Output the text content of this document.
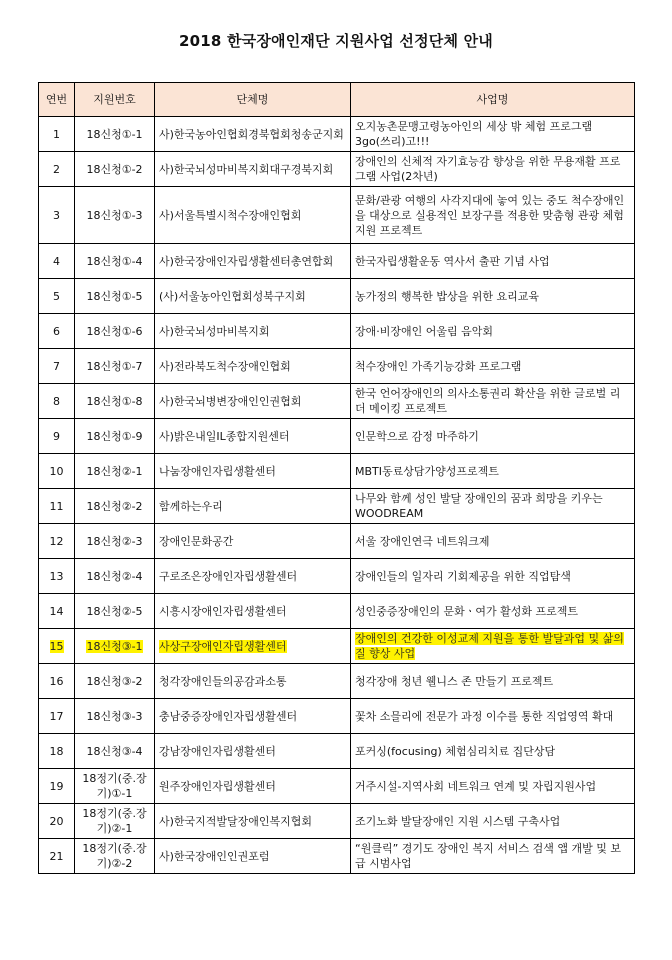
2018 한국장애인재단 지원사업 선정단체 안내
연번	지원번호	단체명	사업명
1	18신청①-1	사)한국농아인협회경북협회청송군지회	오지농촌문맹고령농아인의 세상 밖 체험 프로그램 3go(쓰리)고!!!
2	18신청①-2	사)한국뇌성마비복지회대구경북지회	장애인의 신체적 자기효능감 향상을 위한 무용재활 프로그램 사업(2차년)
3	18신청①-3	사)서울특별시척수장애인협회	문화/관광 여행의 사각지대에 놓여 있는 중도 척수장애인을 대상으로 실용적인 보장구를 적용한 맞춤형 관광 체험 지원 프로젝트
4	18신청①-4	사)한국장애인자립생활센터총연합회	한국자립생활운동 역사서 출판 기념 사업
5	18신청①-5	(사)서울농아인협회성북구지회	농가정의 행복한 밥상을 위한 요리교육
6	18신청①-6	사)한국뇌성마비복지회	장애·비장애인 어울림 음악회
7	18신청①-7	사)전라북도척수장애인협회	척수장애인 가족기능강화 프로그램
8	18신청①-8	사)한국뇌병변장애인인권협회	한국 언어장애인의 의사소통권리 확산을 위한 글로벌 리더 메이킹 프로젝트
9	18신청①-9	사)밝은내일IL종합지원센터	인문학으로 감정 마주하기
10	18신청②-1	나눔장애인자립생활센터	MBTI동료상담가양성프로젝트
11	18신청②-2	함께하는우리	나무와 함께 성인 발달 장애인의 꿈과 희망을 키우는 WOODREAM
12	18신청②-3	장애인문화공간	서울 장애인연극 네트워크제
13	18신청②-4	구로조은장애인자립생활센터	장애인들의 일자리 기회제공을 위한 직업탐색
14	18신청②-5	시흥시장애인자립생활센터	성인중증장애인의 문화ㆍ여가 활성화 프로젝트
15	18신청③-1	사상구장애인자립생활센터	장애인의 건강한 이성교제 지원을 통한 발달과업 및 삶의 질 향상 사업
16	18신청③-2	청각장애인들의공감과소통	청각장애 청년 웰니스 존 만들기 프로젝트
17	18신청③-3	충남중증장애인자립생활센터	꽃차 소믈리에 전문가 과정 이수를 통한 직업영역 확대
18	18신청③-4	강남장애인자립생활센터	포커싱(focusing) 체험심리치료 집단상담
19	18정기(중.장기)①-1	원주장애인자립생활센터	거주시설-지역사회 네트워크 연계 및 자립지원사업
20	18정기(중.장기)②-1	사)한국지적발달장애인복지협회	조기노화 발달장애인 지원 시스템 구축사업
21	18정기(중.장기)②-2	사)한국장애인인권포럼	“원클릭” 경기도 장애인 복지 서비스 검색 앱 개발 및 보급 시범사업
